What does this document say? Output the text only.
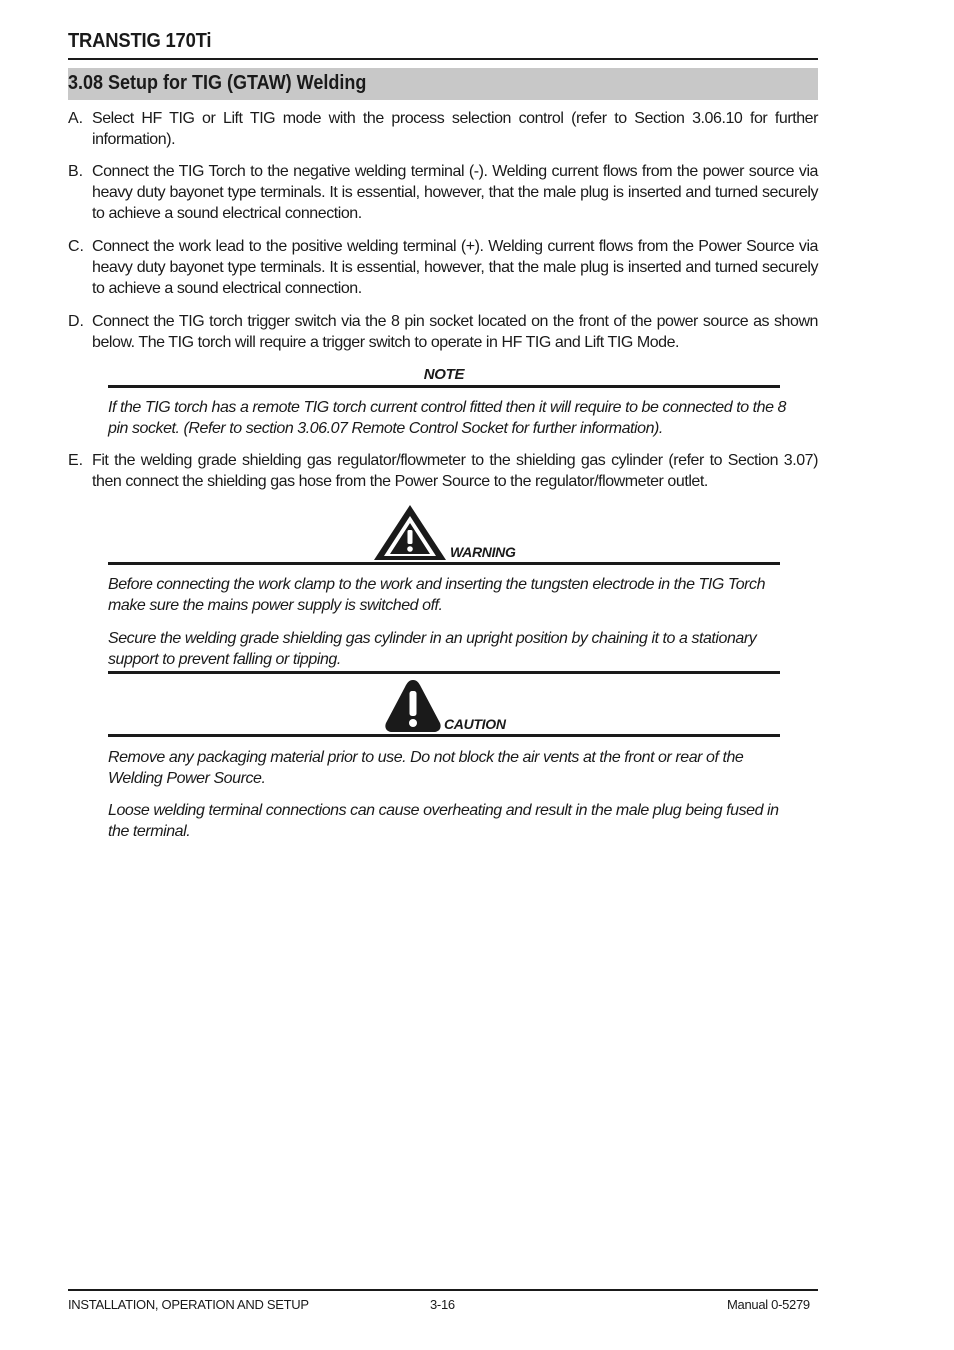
TRANSTIG 170Ti
3.08 Setup for TIG (GTAW) Welding
A. Select HF TIG or Lift TIG mode with the process selection control (refer to Section 3.06.10 for further information).
B. Connect the TIG Torch to the negative welding terminal (-). Welding current flows from the power source via heavy duty bayonet type terminals. It is essential, however, that the male plug is inserted and turned securely to achieve a sound electrical connection.
C. Connect the work lead to the positive welding terminal (+). Welding current flows from the Power Source via heavy duty bayonet type terminals. It is essential, however, that the male plug is inserted and turned securely to achieve a sound electrical connection.
D. Connect the TIG torch trigger switch via the 8 pin socket located on the front of the power source as shown below. The TIG torch will require a trigger switch to operate in HF TIG and Lift TIG Mode.
NOTE
If the TIG torch has a remote TIG torch current control fitted then it will require to be connected to the 8 pin socket. (Refer to section 3.06.07 Remote Control Socket for further information).
E. Fit the welding grade shielding gas regulator/flowmeter to the shielding gas cylinder (refer to Section 3.07) then connect the shielding gas hose from the Power Source to the regulator/flowmeter outlet.
WARNING
Before connecting the work clamp to the work and inserting the tungsten electrode in the TIG Torch make sure the mains power supply is switched off.
Secure the welding grade shielding gas cylinder in an upright position by chaining it to a stationary support to prevent falling or tipping.
CAUTION
Remove any packaging material prior to use. Do not block the air vents at the front or rear of the Welding Power Source.
Loose welding terminal connections can cause overheating and result in the male plug being fused in the terminal.
INSTALLATION, OPERATION AND SETUP	3-16	Manual 0-5279
